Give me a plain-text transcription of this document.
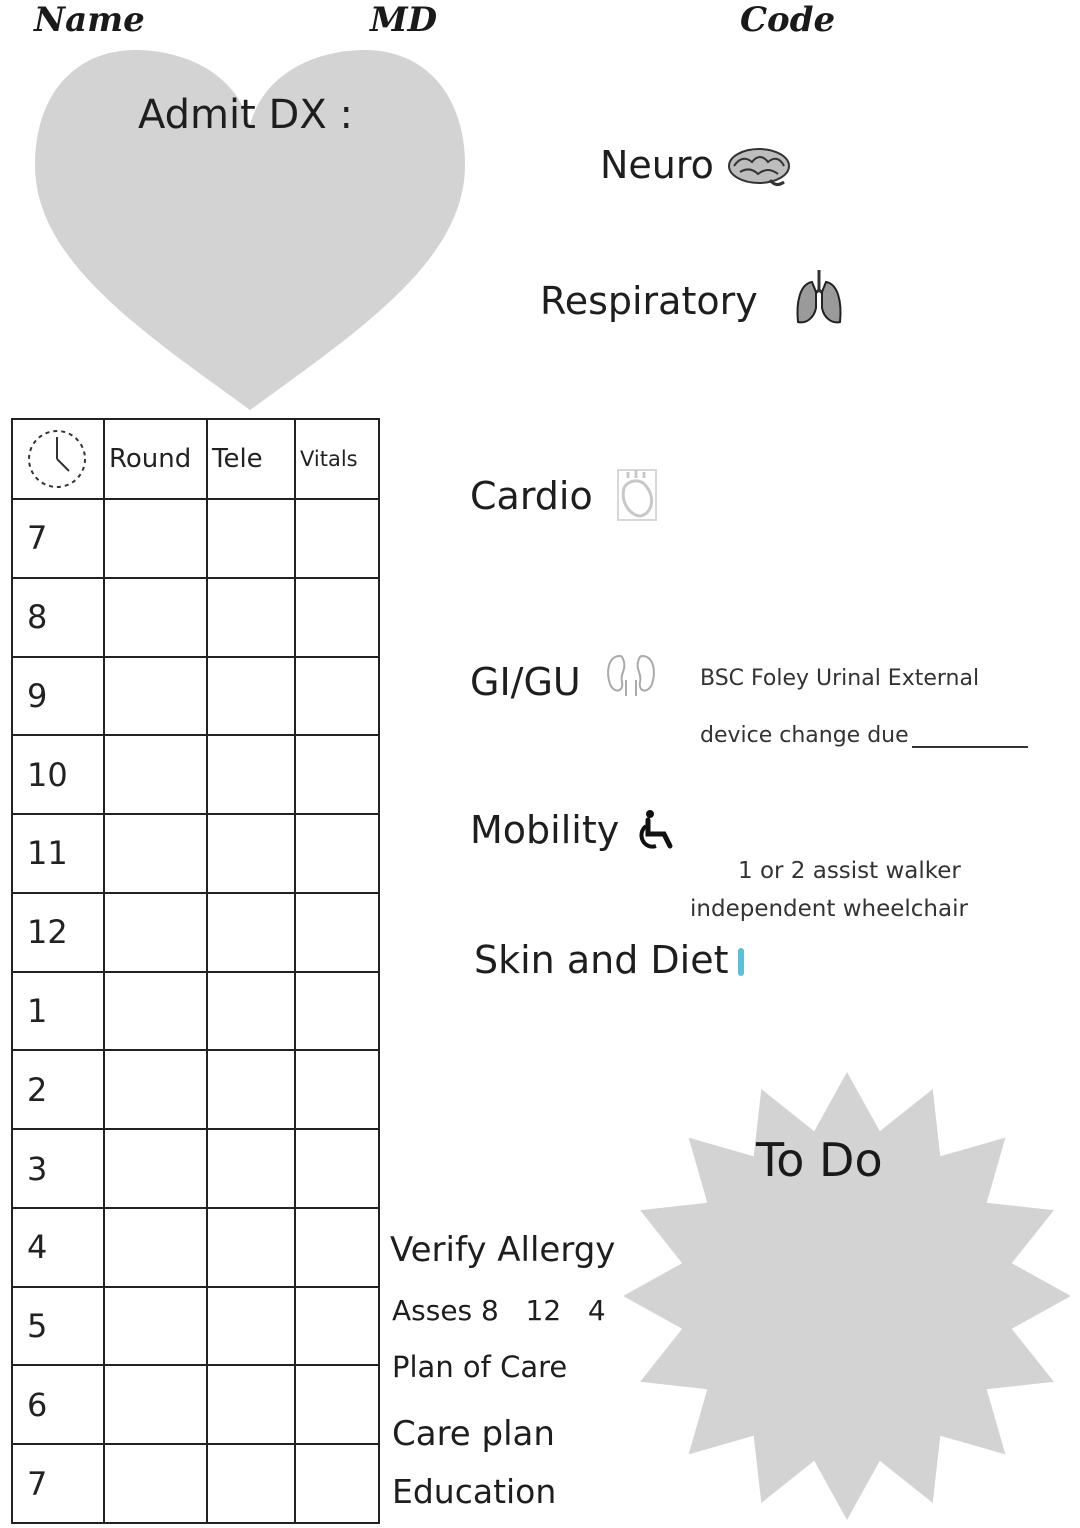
Name	MD	Code
Admit DX :
Neuro
Respiratory
Cardio
GI/GU	BSC Foley Urinal External
device change due
Mobility
1 or 2 assist walker
independent wheelchair
Skin and Diet
	Round	Tele	Vitals
7			
8			
9			
10			
11			
12			
1			
2			
3			
4			
5			
6			
7			
Verify Allergy
Asses 8   12   4
Plan of Care
Care plan
Education
To Do
